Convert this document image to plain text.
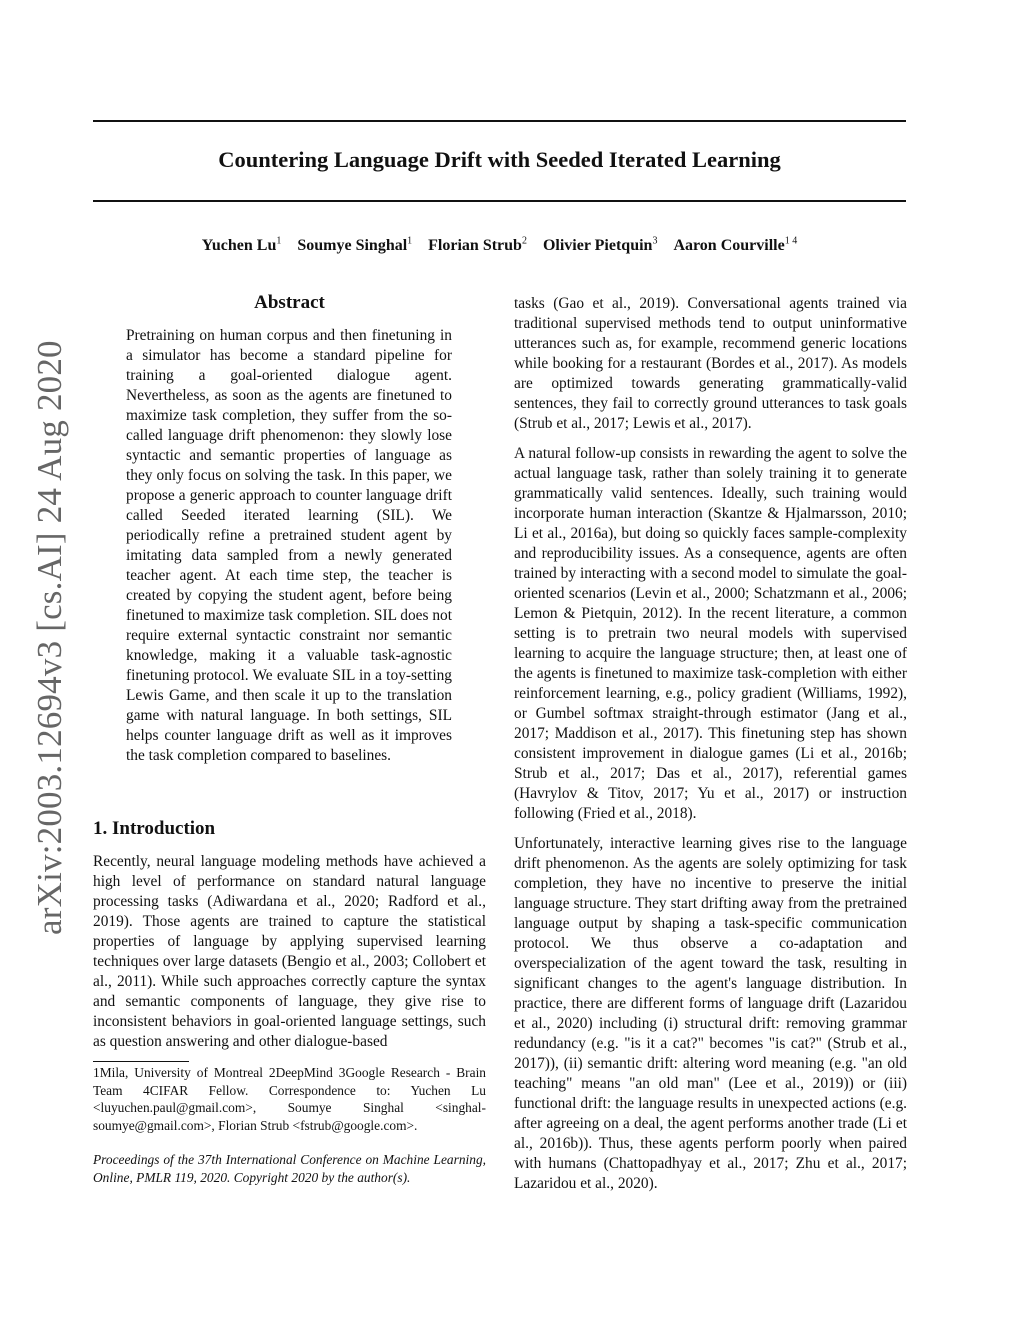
Countering Language Drift with Seeded Iterated Learning
Yuchen Lu$^1$ Soumye Singhal$^1$ Florian Strub$^2$ Olivier Pietquin$^3$ Aaron Courville$^{1 4}$
arXiv:2003.12694v3 [cs.AI] 24 Aug 2020
Abstract

Pretraining on human corpus and then finetuning in a simulator has become a standard pipeline for training a goal-oriented dialogue agent. Nevertheless, as soon as the agents are finetuned to maximize task completion, they suffer from the so-called language drift phenomenon: they slowly lose syntactic and semantic properties of language as they only focus on solving the task. In this paper, we propose a generic approach to counter language drift called Seeded iterated learning (SIL). We periodically refine a pretrained student agent by imitating data sampled from a newly generated teacher agent. At each time step, the teacher is created by copying the student agent, before being finetuned to maximize task completion. SIL does not require external syntactic constraint nor semantic knowledge, making it a valuable task-agnostic finetuning protocol. We evaluate SIL in a toy-setting Lewis Game, and then scale it up to the translation game with natural language. In both settings, SIL helps counter language drift as well as it improves the task completion compared to baselines.

1. Introduction

Recently, neural language modeling methods have achieved a high level of performance on standard natural language processing tasks (Adiwardana et al., 2020; Radford et al., 2019). Those agents are trained to capture the statistical properties of language by applying supervised learning techniques over large datasets (Bengio et al., 2003; Collobert et al., 2011). While such approaches correctly capture the syntax and semantic components of language, they give rise to inconsistent behaviors in goal-oriented language settings, such as question answering and other dialogue-based

1Mila, University of Montreal 2DeepMind 3Google Research - Brain Team 4CIFAR Fellow. Correspondence to: Yuchen Lu <luyuchen.paul@gmail.com>, Soumye Singhal <singhal-soumye@gmail.com>, Florian Strub <fstrub@google.com>.

Proceedings of the 37th International Conference on Machine Learning, Online, PMLR 119, 2020. Copyright 2020 by the author(s).

tasks (Gao et al., 2019). Conversational agents trained via traditional supervised methods tend to output uninformative utterances such as, for example, recommend generic locations while booking for a restaurant (Bordes et al., 2017). As models are optimized towards generating grammatically-valid sentences, they fail to correctly ground utterances to task goals (Strub et al., 2017; Lewis et al., 2017).

A natural follow-up consists in rewarding the agent to solve the actual language task, rather than solely training it to generate grammatically valid sentences. Ideally, such training would incorporate human interaction (Skantze & Hjalmarsson, 2010; Li et al., 2016a), but doing so quickly faces sample-complexity and reproducibility issues. As a consequence, agents are often trained by interacting with a second model to simulate the goal-oriented scenarios (Levin et al., 2000; Schatzmann et al., 2006; Lemon & Pietquin, 2012). In the recent literature, a common setting is to pretrain two neural models with supervised learning to acquire the language structure; then, at least one of the agents is finetuned to maximize task-completion with either reinforcement learning, e.g., policy gradient (Williams, 1992), or Gumbel softmax straight-through estimator (Jang et al., 2017; Maddison et al., 2017). This finetuning step has shown consistent improvement in dialogue games (Li et al., 2016b; Strub et al., 2017; Das et al., 2017), referential games (Havrylov & Titov, 2017; Yu et al., 2017) or instruction following (Fried et al., 2018).

Unfortunately, interactive learning gives rise to the language drift phenomenon. As the agents are solely optimizing for task completion, they have no incentive to preserve the initial language structure. They start drifting away from the pretrained language output by shaping a task-specific communication protocol. We thus observe a co-adaptation and overspecialization of the agent toward the task, resulting in significant changes to the agent's language distribution. In practice, there are different forms of language drift (Lazaridou et al., 2020) including (i) structural drift: removing grammar redundancy (e.g. "is it a cat?" becomes "is cat?" (Strub et al., 2017)), (ii) semantic drift: altering word meaning (e.g. "an old teaching" means "an old man" (Lee et al., 2019)) or (iii) functional drift: the language results in unexpected actions (e.g. after agreeing on a deal, the agent performs another trade (Li et al., 2016b)). Thus, these agents perform poorly when paired with humans (Chattopadhyay et al., 2017; Zhu et al., 2017; Lazaridou et al., 2020).
